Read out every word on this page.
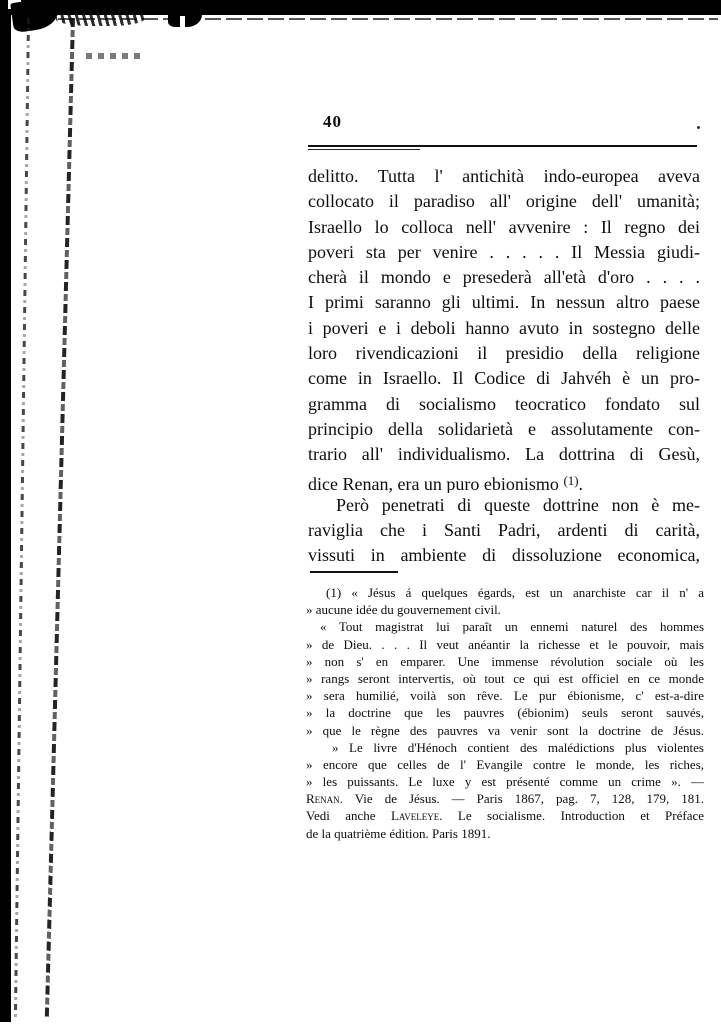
40
delitto. Tutta l' antichità indo-europea aveva
collocato il paradiso all' origine dell' umanità;
Israello lo colloca nell' avvenire : Il regno dei
poveri sta per venire . . . . . Il Messia giudi-
cherà il mondo e presederà all'età d'oro . . . .
I primi saranno gli ultimi. In nessun altro paese
i poveri e i deboli hanno avuto in sostegno delle
loro rivendicazioni il presidio della religione
come in Israello. Il Codice di Jahvéh è un pro-
gramma di socialismo teocratico fondato sul
principio della solidarietà e assolutamente con-
trario all' individualismo. La dottrina di Gesù,
dice Renan, era un puro ebionismo $^{(1)}$.
Però penetrati di queste dottrine non è me-
raviglia che i Santi Padri, ardenti di carità,
vissuti in ambiente di dissoluzione economica,
(1) « Jésus á quelques égards, est un anarchiste car il n' a
» aucune idée du gouvernement civil.
« Tout magistrat lui paraît un ennemi naturel des hommes
» de Dieu. . . . Il veut anéantir la richesse et le pouvoir, mais
» non s' en emparer. Une immense révolution sociale où les
» rangs seront intervertis, où tout ce qui est officiel en ce monde
» sera humilié, voilà son rêve. Le pur ébionisme, c' est-a-dire
» la doctrine que les pauvres (ébionim) seuls seront sauvés,
» que le règne des pauvres va venir sont la doctrine de Jésus.
» Le livre d'Hénoch contient des malédictions plus violentes
» encore que celles de l' Evangile contre le monde, les riches,
» les puissants. Le luxe y est présenté comme un crime ». —
Renan. Vie de Jésus. — Paris 1867, pag. 7, 128, 179, 181.
Vedi anche Laveleye. Le socialisme. Introduction et Préface
de la quatrième édition. Paris 1891.
